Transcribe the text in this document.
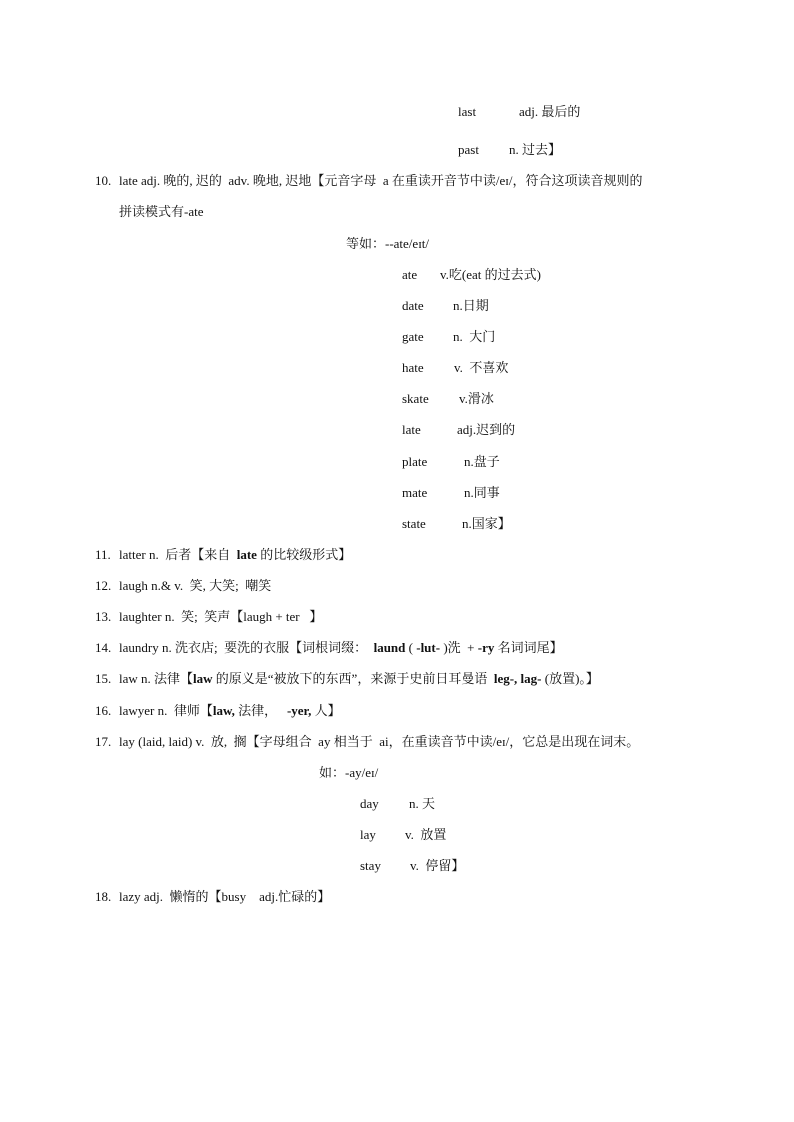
last	adj. 最后的
past n. 过去】
10. late adj. 晚的, 迟的  adv. 晚地, 迟地【元音字母  a 在重读开音节中读/eɪ/，符合这项读音规则的
拼读模式有-ate
等如：--ate/eɪt/
ate v.吃(eat 的过去式)
date n.日期
gate n.  大门
hate v.  不喜欢
skate v.滑冰
late	adj.迟到的
plate	n.盘子
mate	n.同事
state	n.国家】
11. latter n.  后者【来自  late 的比较级形式】
12. laugh n.& v.  笑, 大笑;  嘲笑
13. laughter n.  笑;  笑声【laugh + ter   】
14. laundry n. 洗衣店;  要洗的衣服【词根词缀：  laund ( -lut- )洗  + -ry 名词词尾】
15. law n. 法律【law 的原义是“被放下的东西”，来源于史前日耳曼语  leg-, lag- (放置)。】
16. lawyer n.  律师【law, 法律，   -yer, 人】
17. lay (laid, laid) v.  放,  搁【字母组合  ay 相当于  ai，在重读音节中读/eɪ/，它总是出现在词末。
如：-ay/eɪ/
day n. 天
lay v.  放置
stay v.  停留】
18. lazy adj.  懒惰的【busy    adj.忙碌的】
